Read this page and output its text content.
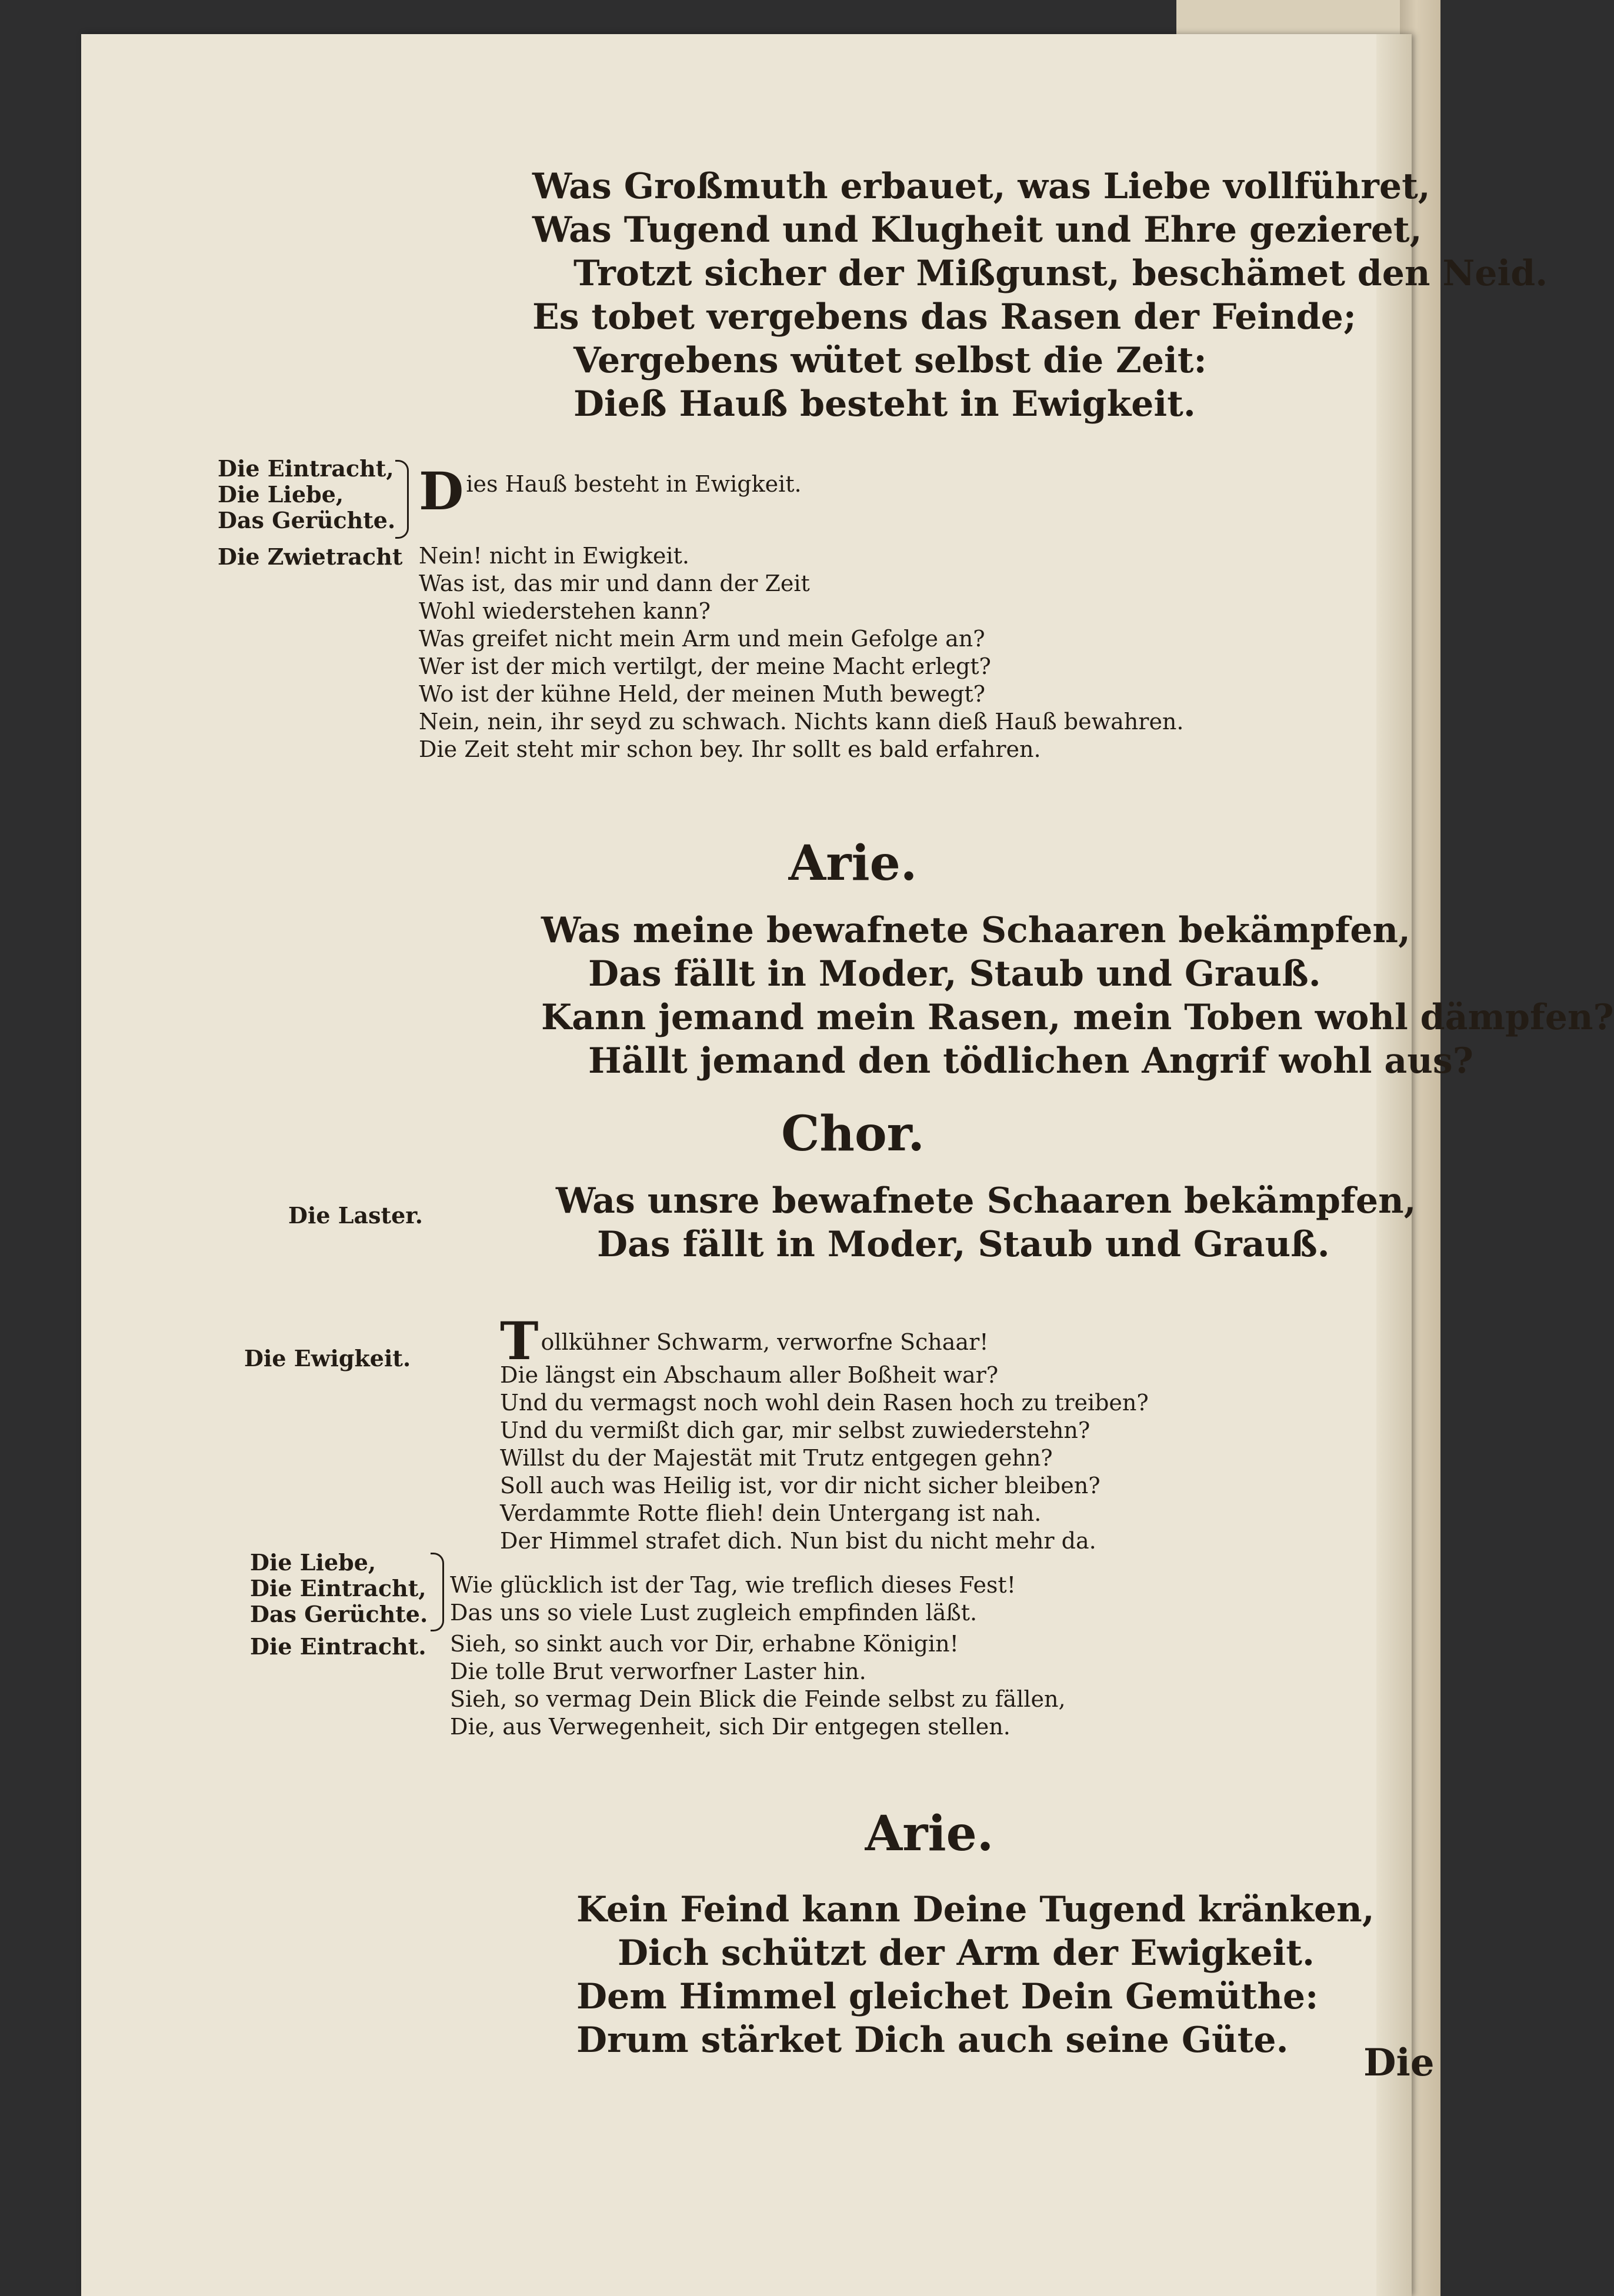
Was Großmuth erbauet, was Liebe vollführet,
Was Tugend und Klugheit und Ehre gezieret,
Trotzt sicher der Mißgunst, beschämet den Neid.
Es tobet vergebens das Rasen der Feinde;
Vergebens wütet selbst die Zeit:
Dieß Hauß besteht in Ewigkeit.
Die Eintracht,
Die Liebe,
Das Gerüchte. D ies Hauß besteht in Ewigkeit.
Die Zwietracht Nein! nicht in Ewigkeit.
Was ist, das mir und dann der Zeit
Wohl wiederstehen kann?
Was greifet nicht mein Arm und mein Gefolge an?
Wer ist der mich vertilgt, der meine Macht erlegt?
Wo ist der kühne Held, der meinen Muth bewegt?
Nein, nein, ihr seyd zu schwach. Nichts kann dieß Hauß bewahren.
Die Zeit steht mir schon bey. Ihr sollt es bald erfahren.
Arie.
Was meine bewafnete Schaaren bekämpfen,
Das fällt in Moder, Staub und Grauß.
Kann jemand mein Rasen, mein Toben wohl dämpfen?
Hällt jemand den tödlichen Angrif wohl aus?
Chor.
Die Laster.	Was unsre bewafnete Schaaren bekämpfen,
Das fällt in Moder, Staub und Grauß.
Die Ewigkeit. T ollkühner Schwarm, verworfne Schaar!
Die längst ein Abschaum aller Boßheit war?
Und du vermagst noch wohl dein Rasen hoch zu treiben?
Und du vermißt dich gar, mir selbst zuwiederstehn?
Willst du der Majestät mit Trutz entgegen gehn?
Soll auch was Heilig ist, vor dir nicht sicher bleiben?
Verdammte Rotte flieh! dein Untergang ist nah.
Der Himmel strafet dich. Nun bist du nicht mehr da.
Die Liebe,
Die Eintracht,
Das Gerüchte.
Wie glücklich ist der Tag, wie treflich dieses Fest!
Das uns so viele Lust zugleich empfinden läßt.
Die Eintracht. Sieh, so sinkt auch vor Dir, erhabne Königin!
Die tolle Brut verworfner Laster hin.
Sieh, so vermag Dein Blick die Feinde selbst zu fällen,
Die, aus Verwegenheit, sich Dir entgegen stellen.
Arie.
Kein Feind kann Deine Tugend kränken,
Dich schützt der Arm der Ewigkeit.
Dem Himmel gleichet Dein Gemüthe:
Drum stärket Dich auch seine Güte.
Die
